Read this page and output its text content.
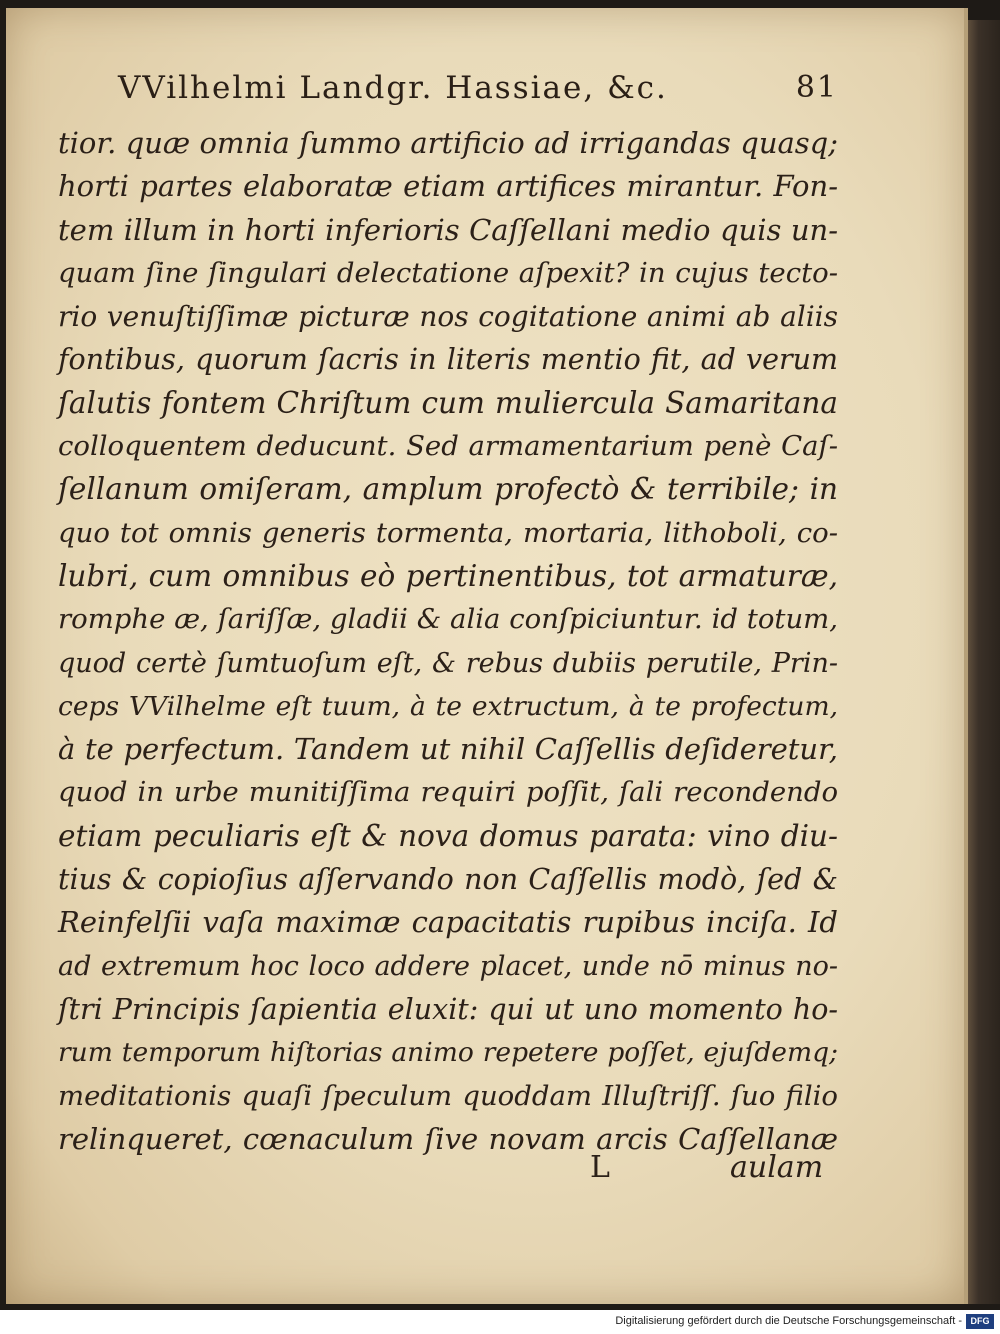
VVilhelmi Landgr. Hassiae, &c.	81
tior. quæ omnia ſummo artificio ad irrigandas quasq;
horti partes elaboratæ etiam artifices mirantur. Fon-
tem illum in horti inferioris Caſſellani medio quis un-
quam ſine ſingulari delectatione aſpexit? in cujus tecto-
rio venuſtiſſimæ picturæ nos cogitatione animi ab aliis
fontibus, quorum ſacris in literis mentio fit, ad verum
ſalutis fontem Chriſtum cum muliercula Samaritana
colloquentem deducunt. Sed armamentarium penè Caſ-
ſellanum omiſeram, amplum profectò & terribile; in
quo tot omnis generis tormenta, mortaria, lithoboli, co-
lubri, cum omnibus eò pertinentibus, tot armaturæ,
romphe æ, ſariſſæ, gladii & alia conſpiciuntur. id totum,
quod certè ſumtuoſum eſt, & rebus dubiis perutile, Prin-
ceps VVilhelme eſt tuum, à te extructum, à te profectum,
à te perfectum. Tandem ut nihil Caſſellis deſideretur,
quod in urbe munitiſſima requiri poſſit, ſali recondendo
etiam peculiaris eſt & nova domus parata: vino diu-
tius & copioſius aſſervando non Caſſellis modò, ſed &
Reinfelſii vaſa maximæ capacitatis rupibus inciſa. Id
ad extremum hoc loco addere placet, unde nō minus no-
ſtri Principis ſapientia eluxit: qui ut uno momento ho-
rum temporum hiſtorias animo repetere poſſet, ejuſdemq;
meditationis quaſi ſpeculum quoddam Illuſtriſſ. ſuo filio
relinqueret, cœnaculum ſive novam arcis Caſſellanæ
L	aulam
Digitalisierung gefördert durch die Deutsche Forschungsgemeinschaft - DFG
